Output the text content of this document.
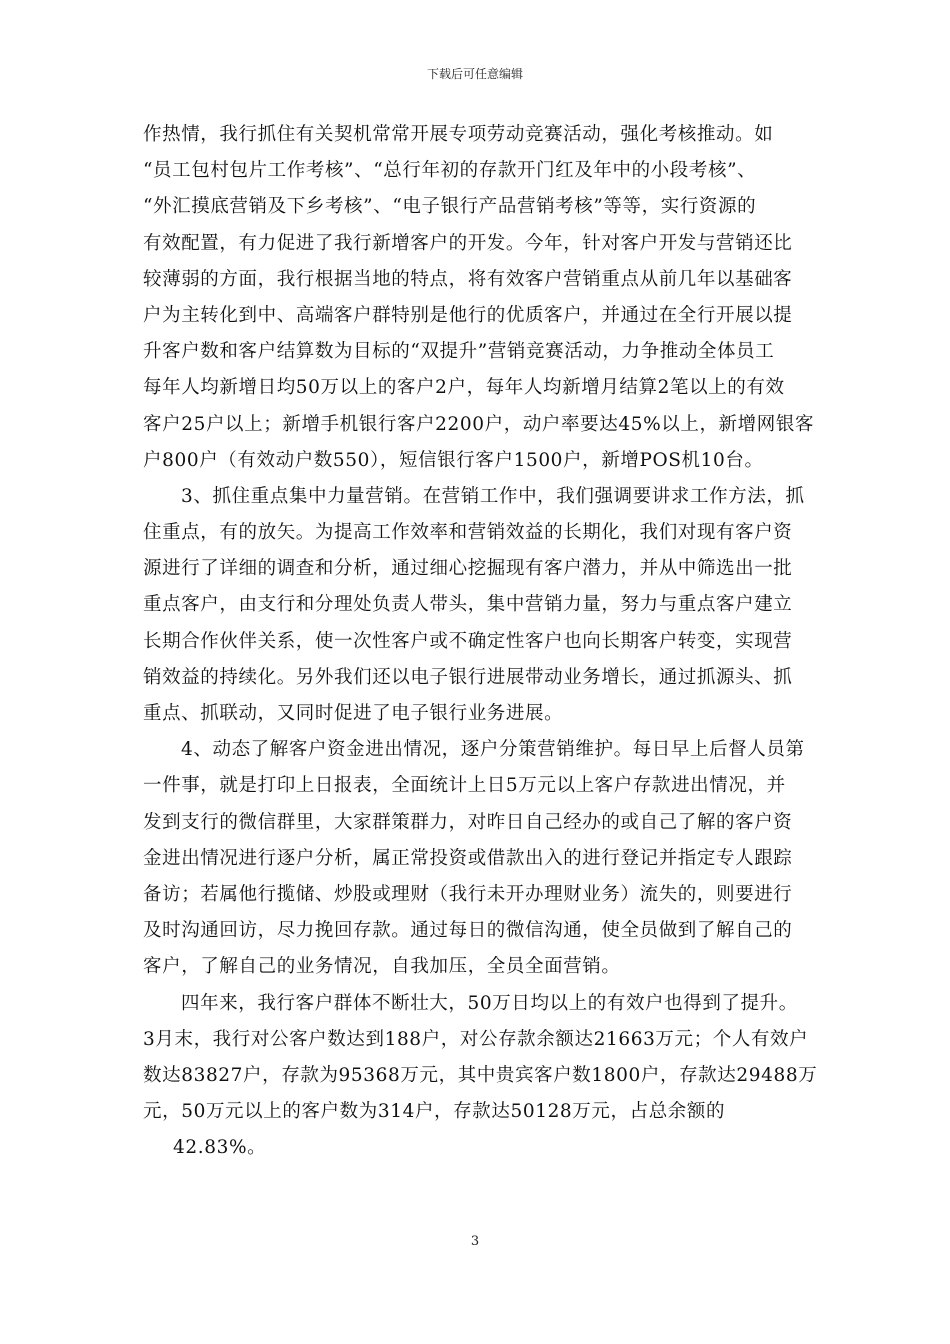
下载后可任意编辑
作热情，我行抓住有关契机常常开展专项劳动竞赛活动，强化考核推动。如
“员工包村包片工作考核”、“总行年初的存款开门红及年中的小段考核”、
“外汇摸底营销及下乡考核”、“电子银行产品营销考核”等等，实行资源的
有效配置，有力促进了我行新增客户的开发。今年，针对客户开发与营销还比
较薄弱的方面，我行根据当地的特点，将有效客户营销重点从前几年以基础客
户为主转化到中、高端客户群特别是他行的优质客户，并通过在全行开展以提
升客户数和客户结算数为目标的“双提升”营销竞赛活动，力争推动全体员工
每年人均新增日均50万以上的客户2户，每年人均新增月结算2笔以上的有效
客户25户以上；新增手机银行客户2200户，动户率要达45%以上，新增网银客
户800户（有效动户数550），短信银行客户1500户，新增POS机10台。
3、抓住重点集中力量营销。在营销工作中，我们强调要讲求工作方法，抓
住重点，有的放矢。为提高工作效率和营销效益的长期化，我们对现有客户资
源进行了详细的调查和分析，通过细心挖掘现有客户潜力，并从中筛选出一批
重点客户，由支行和分理处负责人带头，集中营销力量，努力与重点客户建立
长期合作伙伴关系，使一次性客户或不确定性客户也向长期客户转变，实现营
销效益的持续化。另外我们还以电子银行进展带动业务增长，通过抓源头、抓
重点、抓联动，又同时促进了电子银行业务进展。
4、动态了解客户资金进出情况，逐户分策营销维护。每日早上后督人员第
一件事，就是打印上日报表，全面统计上日5万元以上客户存款进出情况，并
发到支行的微信群里，大家群策群力，对昨日自己经办的或自己了解的客户资
金进出情况进行逐户分析，属正常投资或借款出入的进行登记并指定专人跟踪
备访；若属他行揽储、炒股或理财（我行未开办理财业务）流失的，则要进行
及时沟通回访，尽力挽回存款。通过每日的微信沟通，使全员做到了解自己的
客户，了解自己的业务情况，自我加压，全员全面营销。
四年来，我行客户群体不断壮大，50万日均以上的有效户也得到了提升。
3月末，我行对公客户数达到188户，对公存款余额达21663万元；个人有效户
数达83827户，存款为95368万元，其中贵宾客户数1800户，存款达29488万
元，50万元以上的客户数为314户，存款达50128万元，占总余额的
42.83%。
3
